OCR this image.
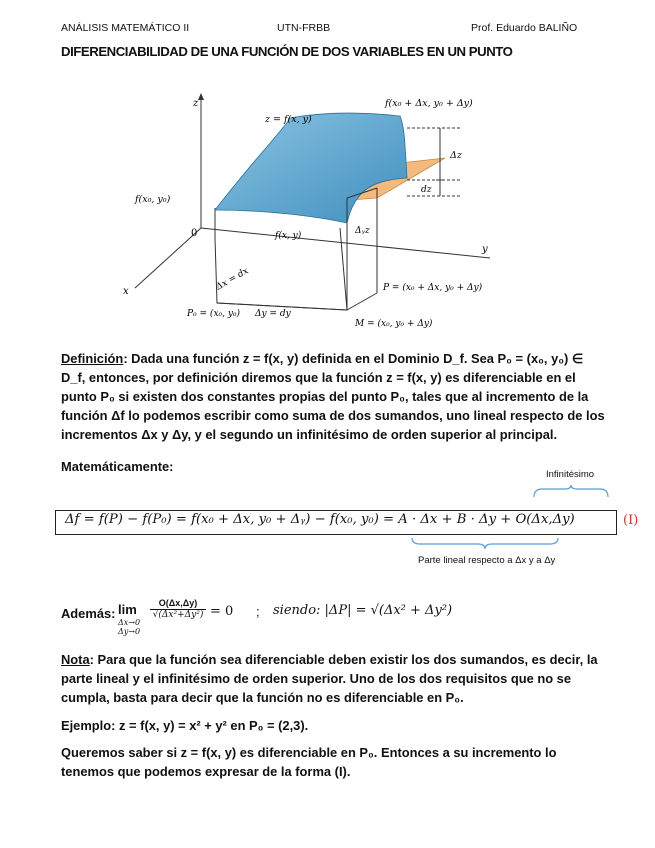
ANÁLISIS MATEMÁTICO II	UTN-FRBB	Prof. Eduardo BALIÑO
DIFERENCIABILIDAD DE UNA FUNCIÓN DE DOS VARIABLES EN UN PUNTO
z
y
x
0
z = f(x, y)
f(x₀ + Δx, y₀ + Δy)
f(x₀, y₀)
f(x, y)
Δz
dz
Δᵧz
Δx = dx
Δy = dy
P₀ = (x₀, y₀)
P = (x₀ + Δx, y₀ + Δy)
M = (x₀, y₀ + Δy)
Definición: Dada una función z = f(x, y) definida en el Dominio D_f. Sea P₀ = (x₀, y₀) ∈
D_f, entonces, por definición diremos que la función z = f(x, y) es diferenciable en el
punto P₀ si existen dos constantes propias del punto P₀, tales que al incremento de la
función Δf lo podemos escribir como suma de dos sumandos, uno lineal respecto de los
incrementos Δx y Δy, y el segundo un infinitésimo de orden superior al principal.
Matemáticamente:
Infinitésimo
Δf = f(P) − f(P₀) = f(x₀ + Δx, y₀ + Δᵧ) − f(x₀, y₀) = A · Δx + B · Δy + O(Δx,Δy)	(I)
Parte lineal respecto a Δx y a Δy
Además: lim
Δx→0
Δy→0
$\frac{O(\Delta x,\Delta y)}{\text{√(Δx²+Δy²)}} = 0$ ; siendo: |ΔP| = √(Δx² + Δy²)
Nota: Para que la función sea diferenciable deben existir los dos sumandos, es decir, la
parte lineal y el infinitésimo de orden superior. Uno de los dos requisitos que no se
cumpla, basta para decir que la función no es diferenciable en P₀.
Ejemplo: z = f(x, y) = x² + y² en P₀ = (2,3).
Queremos saber si z = f(x, y) es diferenciable en P₀. Entonces a su incremento lo
tenemos que podemos expresar de la forma (I).
